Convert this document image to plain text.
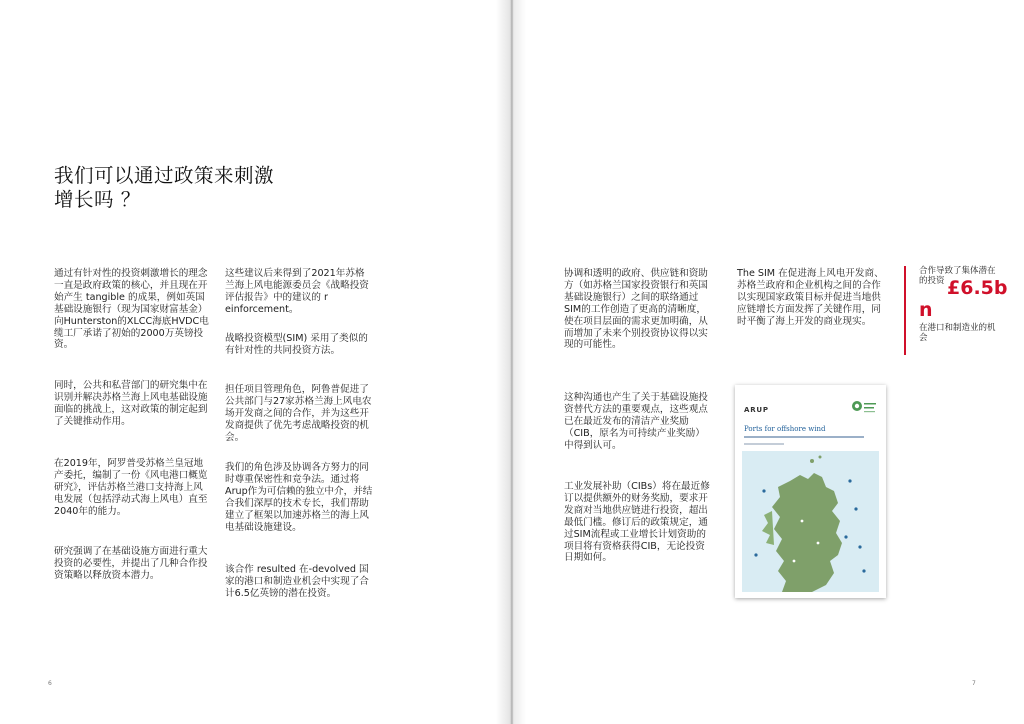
我们可以通过政策来刺激
增长吗 ？
通过有针对性的投资刺激增长的理念一直是政府政策的核心，并且现在开始产生 tangible 的成果，例如英国基础设施银行（现为国家财富基金）向Hunterston的XLCC海底HVDC电缆工厂承诺了初始的2000万英镑投资。
同时，公共和私营部门的研究集中在识别并解决苏格兰海上风电基础设施面临的挑战上，这对政策的制定起到了关键推动作用。
在2019年，阿罗普受苏格兰皇冠地产委托，编制了一份《风电港口概览研究》，评估苏格兰港口支持海上风电发展（包括浮动式海上风电）直至2040年的能力。
研究强调了在基础设施方面进行重大投资的必要性，并提出了几种合作投资策略以释放资本潜力。
这些建议后来得到了2021年苏格兰海上风电能源委员会《战略投资评估报告》中的建议的 r einforcement。
战略投资模型(SIM) 采用了类似的有针对性的共同投资方法。
担任项目管理角色，阿鲁普促进了公共部门与27家苏格兰海上风电农场开发商之间的合作，并为这些开发商提供了优先考虑战略投资的机会。
我们的角色涉及协调各方努力的同时尊重保密性和竞争法。通过将Arup作为可信赖的独立中介，并结合我们深厚的技术专长，我们帮助建立了框架以加速苏格兰的海上风电基础设施建设。
该合作 resulted 在-devolved 国家的港口和制造业机会中实现了合计6.5亿英镑的潜在投资。
6
协调和透明的政府、供应链和资助方（如苏格兰国家投资银行和英国基础设施银行）之间的联络通过SIM的工作创造了更高的清晰度，使在项目层面的需求更加明确，从而增加了未来个别投资协议得以实现的可能性。
这种沟通也产生了关于基础设施投资替代方法的重要观点，这些观点已在最近发布的清洁产业奖励（CIB，原名为可持续产业奖励）中得到认可。
工业发展补助（CIBs）将在最近修订以提供额外的财务奖励，要求开发商对当地供应链进行投资，超出最低门槛。修订后的政策规定，通过SIM流程或工业增长计划资助的项目将有资格获得CIB，无论投资日期如何。
The SIM 在促进海上风电开发商、苏格兰政府和企业机构之间的合作以实现国家政策目标并促进当地供应链增长方面发挥了关键作用，同时平衡了海上开发的商业现实。
7
合作导致了集体潜在的投资 £6.5b
n
在港口和制造业的机会
ARUP
Ports for offshore wind
